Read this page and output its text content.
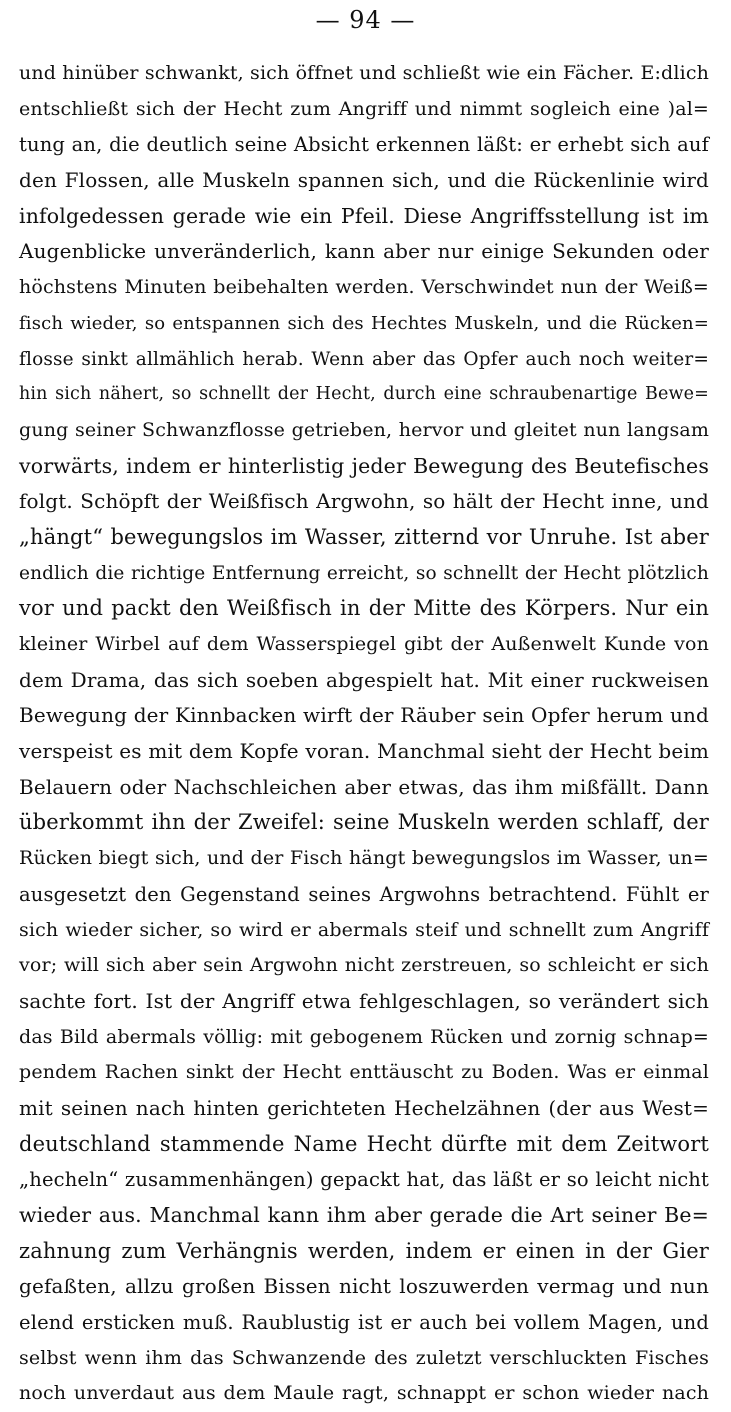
— 94 —
und hinüber schwankt, sich öffnet und schließt wie ein Fächer. E:dlich
entschließt sich der Hecht zum Angriff und nimmt sogleich eine )al=
tung an, die deutlich seine Absicht erkennen läßt: er erhebt sich auf
den Flossen, alle Muskeln spannen sich, und die Rückenlinie wird
infolgedessen gerade wie ein Pfeil. Diese Angriffsstellung ist im
Augenblicke unveränderlich, kann aber nur einige Sekunden oder
höchstens Minuten beibehalten werden. Verschwindet nun der Weiß=
fisch wieder, so entspannen sich des Hechtes Muskeln, und die Rücken=
flosse sinkt allmählich herab. Wenn aber das Opfer auch noch weiter=
hin sich nähert, so schnellt der Hecht, durch eine schraubenartige Bewe=
gung seiner Schwanzflosse getrieben, hervor und gleitet nun langsam
vorwärts, indem er hinterlistig jeder Bewegung des Beutefisches
folgt. Schöpft der Weißfisch Argwohn, so hält der Hecht inne, und
„hängt“ bewegungslos im Wasser, zitternd vor Unruhe. Ist aber
endlich die richtige Entfernung erreicht, so schnellt der Hecht plötzlich
vor und packt den Weißfisch in der Mitte des Körpers. Nur ein
kleiner Wirbel auf dem Wasserspiegel gibt der Außenwelt Kunde von
dem Drama, das sich soeben abgespielt hat. Mit einer ruckweisen
Bewegung der Kinnbacken wirft der Räuber sein Opfer herum und
verspeist es mit dem Kopfe voran. Manchmal sieht der Hecht beim
Belauern oder Nachschleichen aber etwas, das ihm mißfällt. Dann
überkommt ihn der Zweifel: seine Muskeln werden schlaff, der
Rücken biegt sich, und der Fisch hängt bewegungslos im Wasser, un=
ausgesetzt den Gegenstand seines Argwohns betrachtend. Fühlt er
sich wieder sicher, so wird er abermals steif und schnellt zum Angriff
vor; will sich aber sein Argwohn nicht zerstreuen, so schleicht er sich
sachte fort. Ist der Angriff etwa fehlgeschlagen, so verändert sich
das Bild abermals völlig: mit gebogenem Rücken und zornig schnap=
pendem Rachen sinkt der Hecht enttäuscht zu Boden. Was er einmal
mit seinen nach hinten gerichteten Hechelzähnen (der aus West=
deutschland stammende Name Hecht dürfte mit dem Zeitwort
„hecheln“ zusammenhängen) gepackt hat, das läßt er so leicht nicht
wieder aus. Manchmal kann ihm aber gerade die Art seiner Be=
zahnung zum Verhängnis werden, indem er einen in der Gier
gefaßten, allzu großen Bissen nicht loszuwerden vermag und nun
elend ersticken muß. Raublustig ist er auch bei vollem Magen, und
selbst wenn ihm das Schwanzende des zuletzt verschluckten Fisches
noch unverdaut aus dem Maule ragt, schnappt er schon wieder nach
